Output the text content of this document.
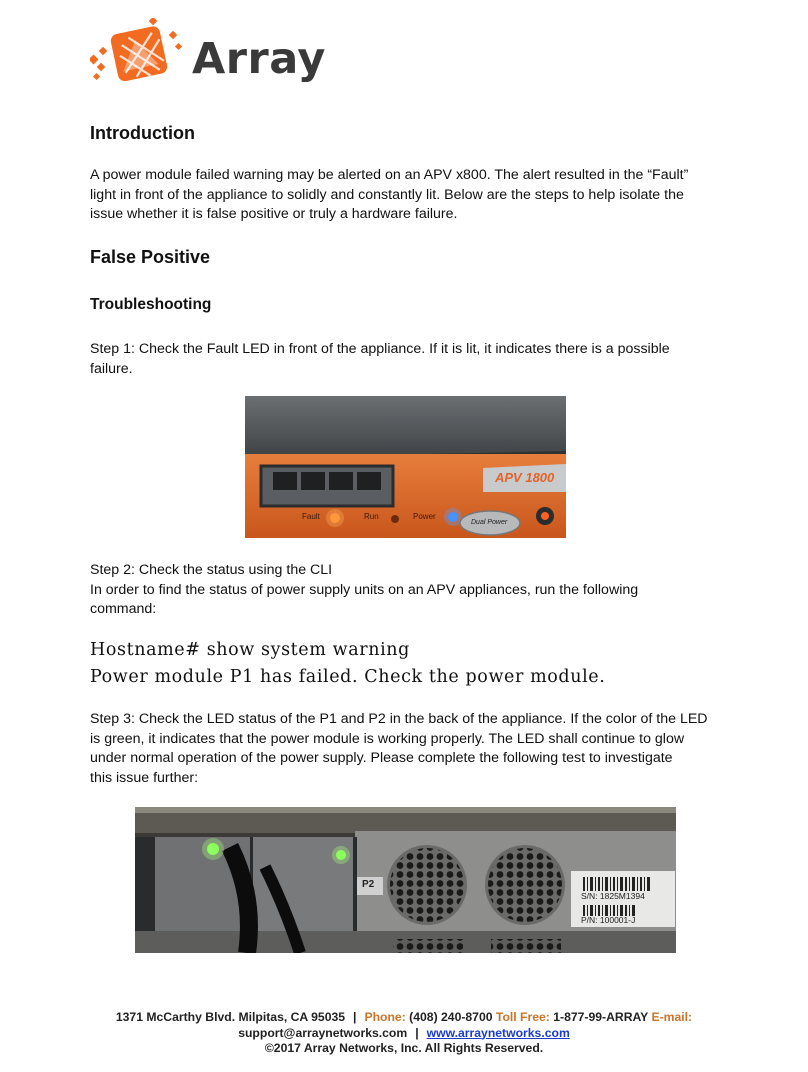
Array
Introduction
A power module failed warning may be alerted on an APV x800. The alert resulted in the “Fault”
light in front of the appliance to solidly and constantly lit. Below are the steps to help isolate the
issue whether it is false positive or truly a hardware failure.
False Positive
Troubleshooting
Step 1: Check the Fault LED in front of the appliance. If it is lit, it indicates there is a possible
failure.
APV 1800
Fault	Run	Power
Dual Power
Step 2: Check the status using the CLI
In order to find the status of power supply units on an APV appliances, run the following
command:
Hostname# show system warning
Power module P1 has failed. Check the power module.
Step 3: Check the LED status of the P1 and P2 in the back of the appliance. If the color of the LED
is green, it indicates that the power module is working properly. The LED shall continue to glow
under normal operation of the power supply. Please complete the following test to investigate
this issue further:
P2
S/N: 1825M1394
P/N: 100001-J
1371 McCarthy Blvd. Milpitas, CA 95035 | Phone: (408) 240-8700 Toll Free: 1-877-99-ARRAY E-mail:
support@arraynetworks.com | www.arraynetworks.com
©2017 Array Networks, Inc. All Rights Reserved.
